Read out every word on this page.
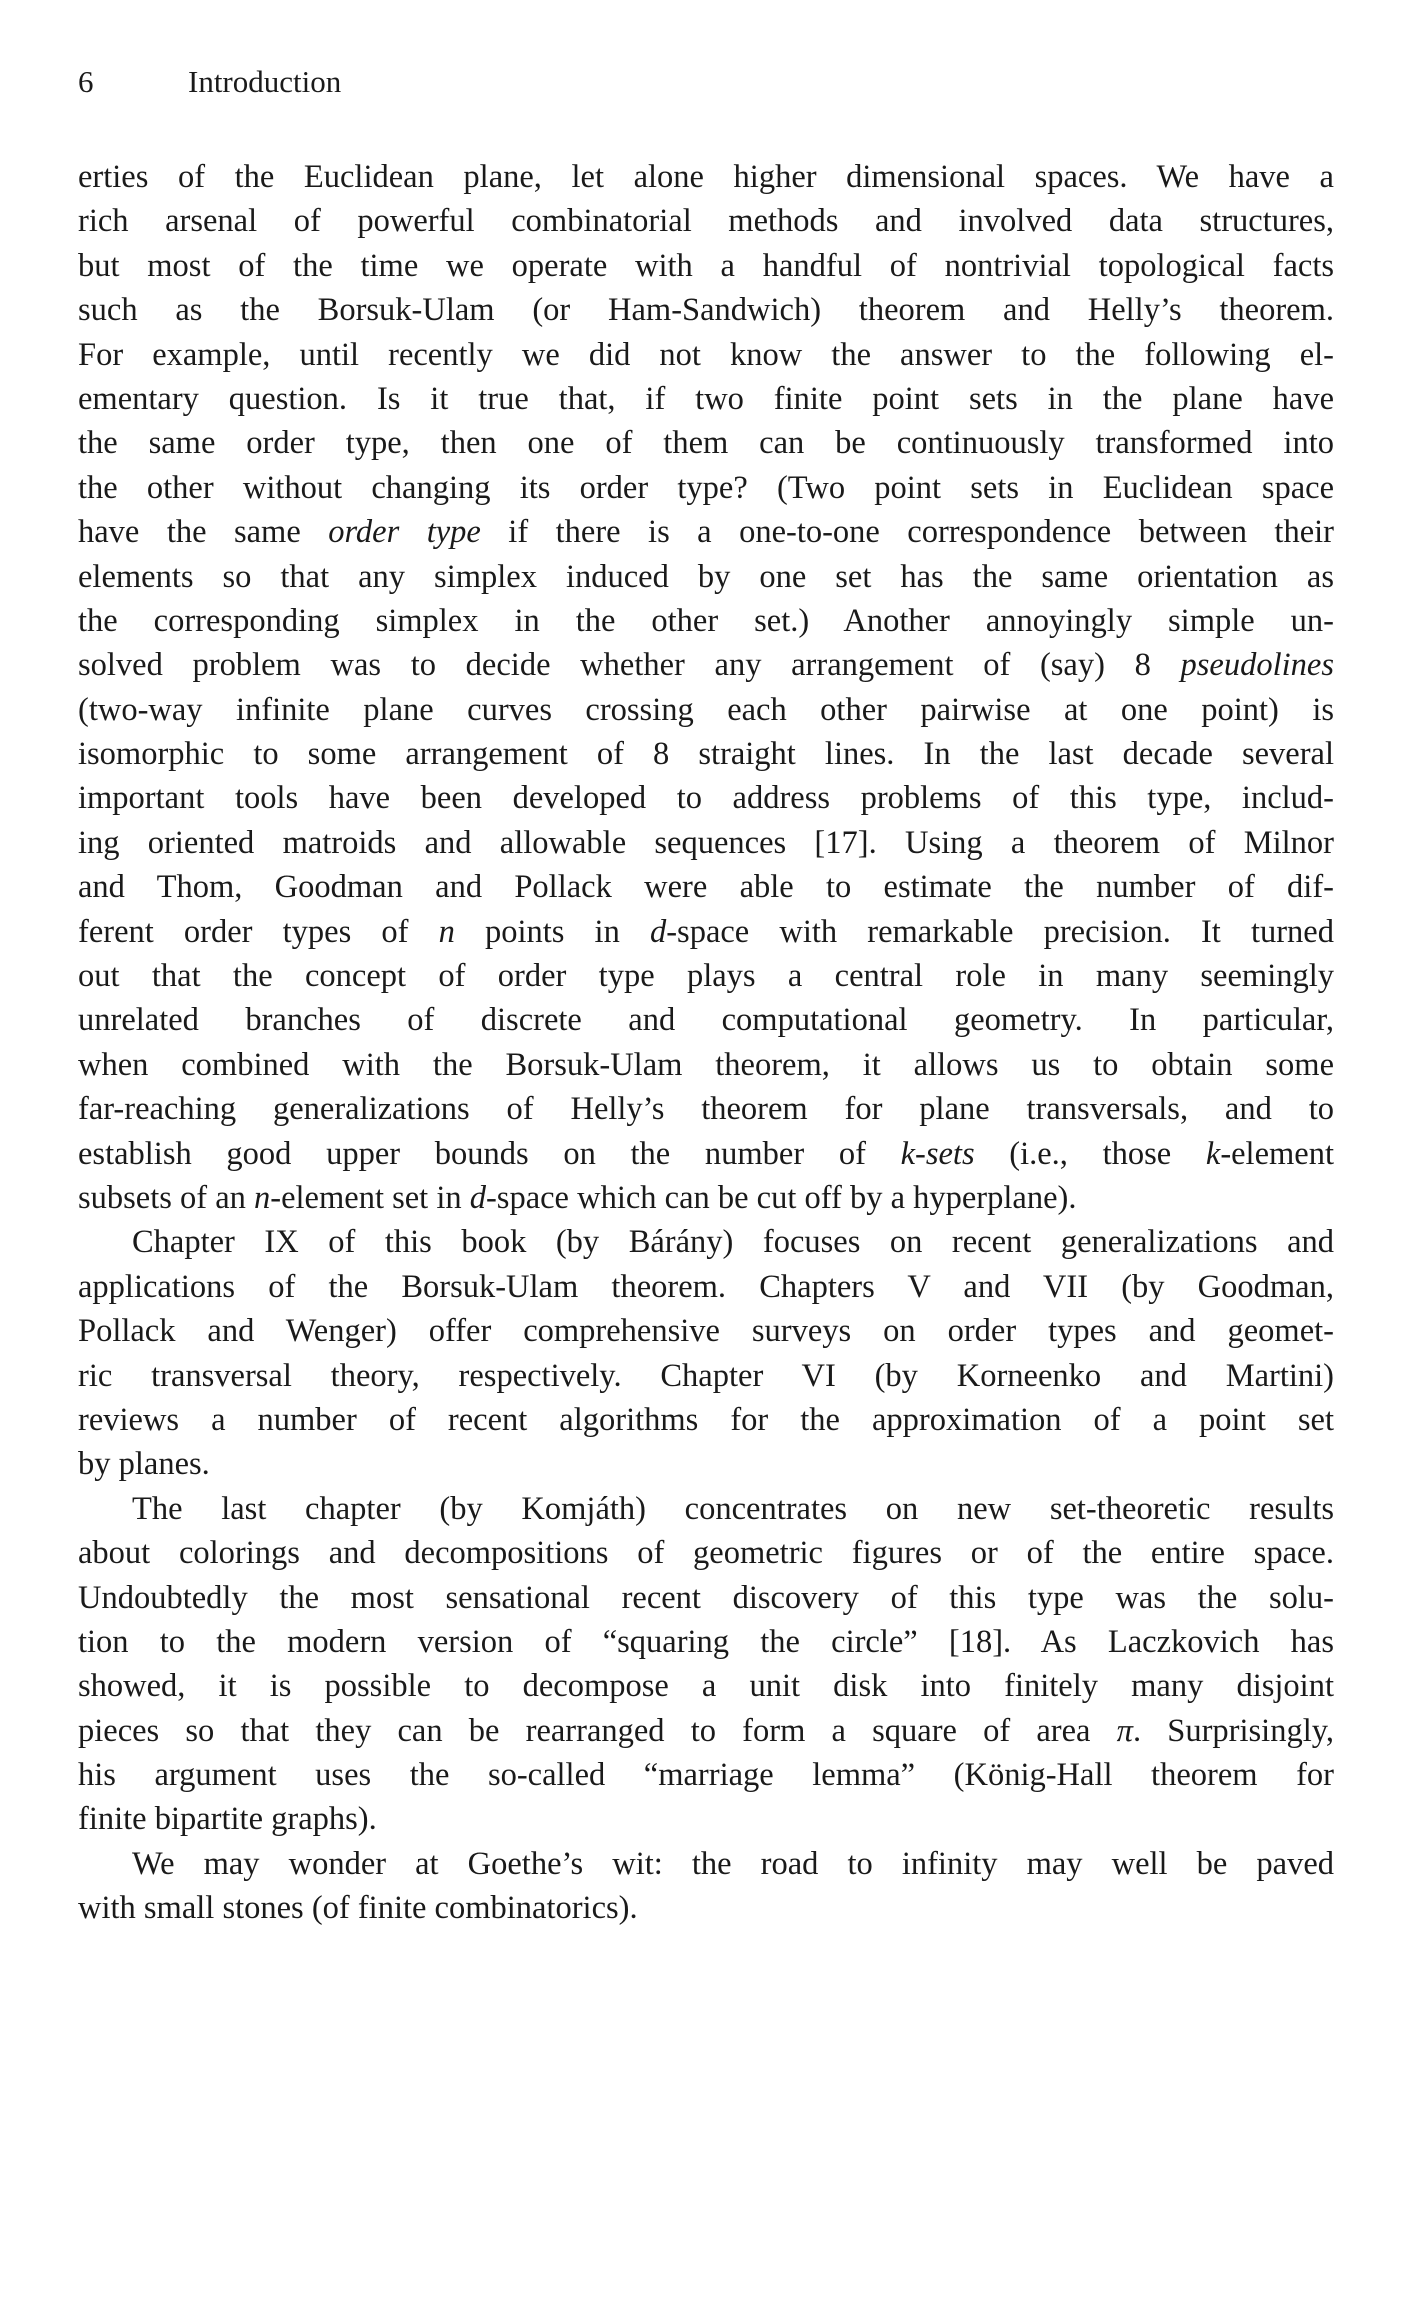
6	Introduction
erties of the Euclidean plane, let alone higher dimensional spaces. We have a
rich arsenal of powerful combinatorial methods and involved data structures,
but most of the time we operate with a handful of nontrivial topological facts
such as the Borsuk-Ulam (or Ham-Sandwich) theorem and Helly’s theorem.
For example, until recently we did not know the answer to the following el-
ementary question. Is it true that, if two finite point sets in the plane have
the same order type, then one of them can be continuously transformed into
the other without changing its order type? (Two point sets in Euclidean space
have the same order type if there is a one-to-one correspondence between their
elements so that any simplex induced by one set has the same orientation as
the corresponding simplex in the other set.) Another annoyingly simple un-
solved problem was to decide whether any arrangement of (say) 8 pseudolines
(two-way infinite plane curves crossing each other pairwise at one point) is
isomorphic to some arrangement of 8 straight lines. In the last decade several
important tools have been developed to address problems of this type, includ-
ing oriented matroids and allowable sequences [17]. Using a theorem of Milnor
and Thom, Goodman and Pollack were able to estimate the number of dif-
ferent order types of n points in d-space with remarkable precision. It turned
out that the concept of order type plays a central role in many seemingly
unrelated branches of discrete and computational geometry. In particular,
when combined with the Borsuk-Ulam theorem, it allows us to obtain some
far-reaching generalizations of Helly’s theorem for plane transversals, and to
establish good upper bounds on the number of k-sets (i.e., those k-element
subsets of an n-element set in d-space which can be cut off by a hyperplane).
Chapter IX of this book (by Bárány) focuses on recent generalizations and
applications of the Borsuk-Ulam theorem. Chapters V and VII (by Goodman,
Pollack and Wenger) offer comprehensive surveys on order types and geomet-
ric transversal theory, respectively. Chapter VI (by Korneenko and Martini)
reviews a number of recent algorithms for the approximation of a point set
by planes.
The last chapter (by Komjáth) concentrates on new set-theoretic results
about colorings and decompositions of geometric figures or of the entire space.
Undoubtedly the most sensational recent discovery of this type was the solu-
tion to the modern version of “squaring the circle” [18]. As Laczkovich has
showed, it is possible to decompose a unit disk into finitely many disjoint
pieces so that they can be rearranged to form a square of area π. Surprisingly,
his argument uses the so-called “marriage lemma” (König-Hall theorem for
finite bipartite graphs).
We may wonder at Goethe’s wit: the road to infinity may well be paved
with small stones (of finite combinatorics).
